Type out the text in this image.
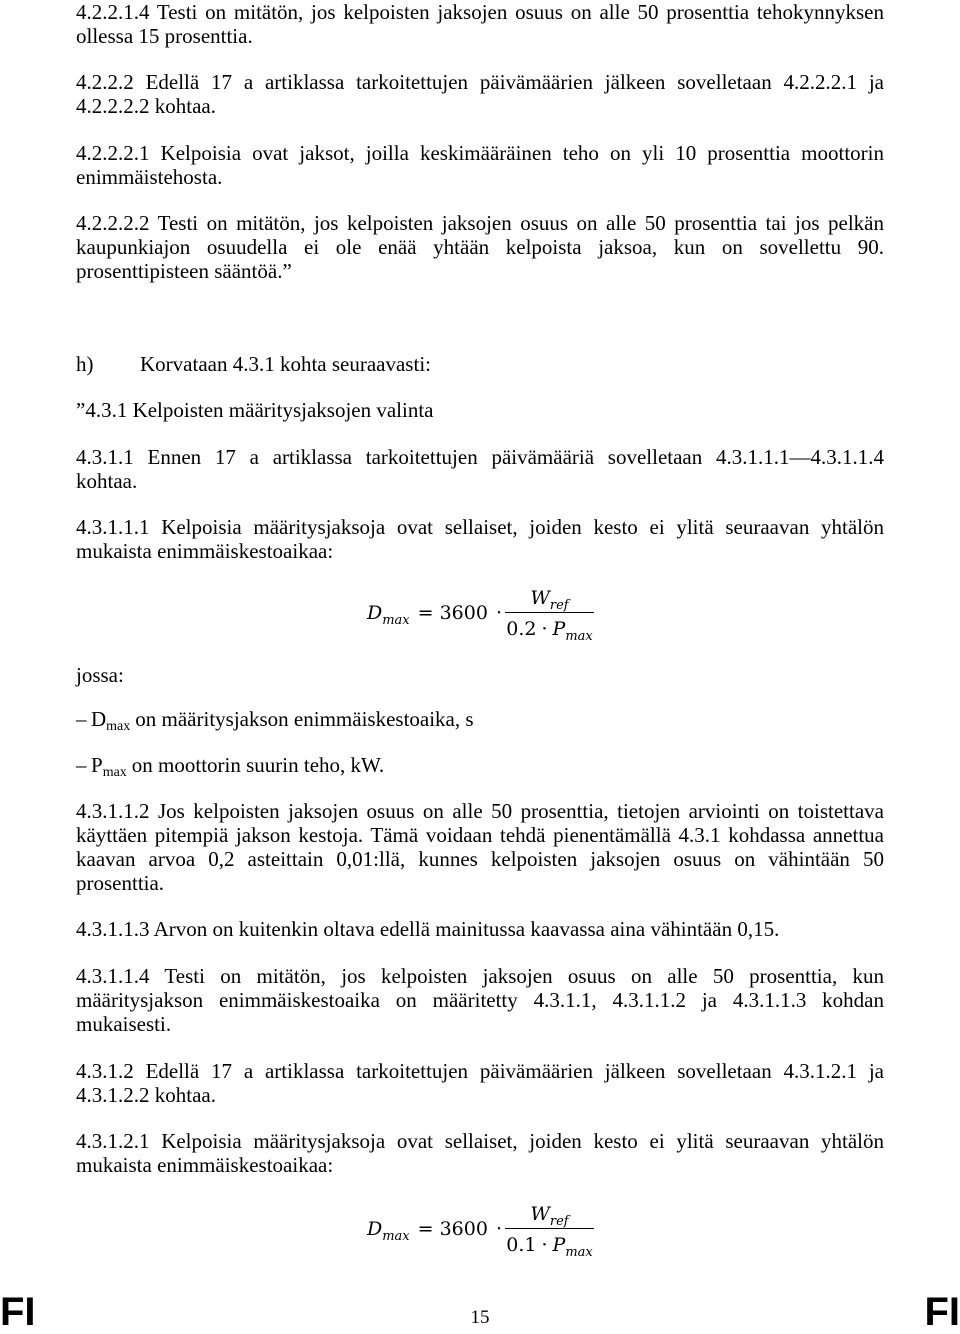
4.2.2.1.4 Testi on mitätön, jos kelpoisten jaksojen osuus on alle 50 prosenttia tehokynnyksen
ollessa 15 prosenttia.
4.2.2.2 Edellä 17 a artiklassa tarkoitettujen päivämäärien jälkeen sovelletaan 4.2.2.2.1 ja
4.2.2.2.2 kohtaa.
4.2.2.2.1 Kelpoisia ovat jaksot, joilla keskimääräinen teho on yli 10 prosenttia moottorin
enimmäistehosta.
4.2.2.2.2 Testi on mitätön, jos kelpoisten jaksojen osuus on alle 50 prosenttia tai jos pelkän
kaupunkiajon osuudella ei ole enää yhtään kelpoista jaksoa, kun on sovellettu 90.
prosenttipisteen sääntöä.”
h) Korvataan 4.3.1 kohta seuraavasti:
”4.3.1 Kelpoisten määritysjaksojen valinta
4.3.1.1 Ennen 17 a artiklassa tarkoitettujen päivämääriä sovelletaan 4.3.1.1.1—4.3.1.1.4
kohtaa.
4.3.1.1.1 Kelpoisia määritysjaksoja ovat sellaiset, joiden kesto ei ylitä seuraavan yhtälön
mukaista enimmäiskestoaikaa:
$D_{max} = 3600$ ·
$W_{ref}$
$0.2 \cdot P_{max}$
jossa:
– Dmax on määritysjakson enimmäiskestoaika, s
– Pmax on moottorin suurin teho, kW.
4.3.1.1.2 Jos kelpoisten jaksojen osuus on alle 50 prosenttia, tietojen arviointi on toistettava
käyttäen pitempiä jakson kestoja. Tämä voidaan tehdä pienentämällä 4.3.1 kohdassa annettua
kaavan arvoa 0,2 asteittain 0,01:llä, kunnes kelpoisten jaksojen osuus on vähintään 50
prosenttia.
4.3.1.1.3 Arvon on kuitenkin oltava edellä mainitussa kaavassa aina vähintään 0,15.
4.3.1.1.4 Testi on mitätön, jos kelpoisten jaksojen osuus on alle 50 prosenttia, kun
määritysjakson enimmäiskestoaika on määritetty 4.3.1.1, 4.3.1.1.2 ja 4.3.1.1.3 kohdan
mukaisesti.
4.3.1.2 Edellä 17 a artiklassa tarkoitettujen päivämäärien jälkeen sovelletaan 4.3.1.2.1 ja
4.3.1.2.2 kohtaa.
4.3.1.2.1 Kelpoisia määritysjaksoja ovat sellaiset, joiden kesto ei ylitä seuraavan yhtälön
mukaista enimmäiskestoaikaa:
$D_{max} = 3600$ ·
$W_{ref}$
$0.1 \cdot P_{max}$
FI	15	FI
